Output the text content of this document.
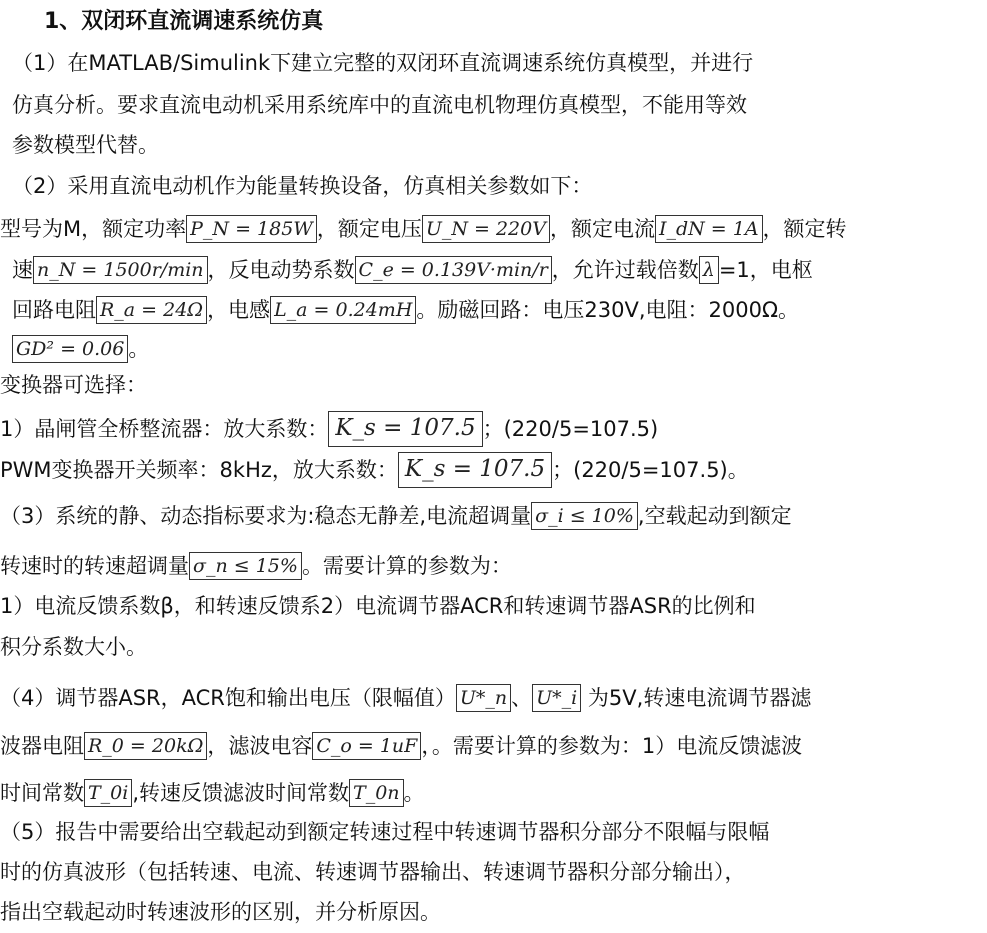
1、双闭环直流调速系统仿真
（1）在MATLAB/Simulink下建立完整的双闭环直流调速系统仿真模型，并进行
仿真分析。要求直流电动机采用系统库中的直流电机物理仿真模型，不能用等效
参数模型代替。
（2）采用直流电动机作为能量转换设备，仿真相关参数如下：
型号为M，额定功率 P_N = 185W ，额定电压 U_N = 220V ，额定电流 I_dN = 1A ，额定转
速 n_N = 1500r/min ，反电动势系数 C_e = 0.139V·min/r ，允许过载倍数 λ =1，电枢
回路电阻 R_a = 24Ω ，电感 L_a = 0.24mH 。励磁回路：电压230V,电阻：2000Ω。
GD² = 0.06 。
变换器可选择：
1）晶闸管全桥整流器：放大系数： K_s = 107.5 ；(220/5=107.5)
PWM变换器开关频率：8kHz，放大系数： K_s = 107.5 ；(220/5=107.5)。
（3）系统的静、动态指标要求为:稳态无静差,电流超调量 σ_i ≤ 10% ,空载起动到额定
转速时的转速超调量 σ_n ≤ 15% 。需要计算的参数为：
1）电流反馈系数β，和转速反馈系2）电流调节器ACR和转速调节器ASR的比例和
积分系数大小。
（4）调节器ASR，ACR饱和输出电压（限幅值） U*_n 、 U*_i 为5V,转速电流调节器滤
波器电阻 R_0 = 20kΩ ，滤波电容 C_o = 1uF ，。需要计算的参数为：1）电流反馈滤波
时间常数 T_0i ,转速反馈滤波时间常数 T_0n 。
（5）报告中需要给出空载起动到额定转速过程中转速调节器积分部分不限幅与限幅
时的仿真波形（包括转速、电流、转速调节器输出、转速调节器积分部分输出），
指出空载起动时转速波形的区别，并分析原因。
